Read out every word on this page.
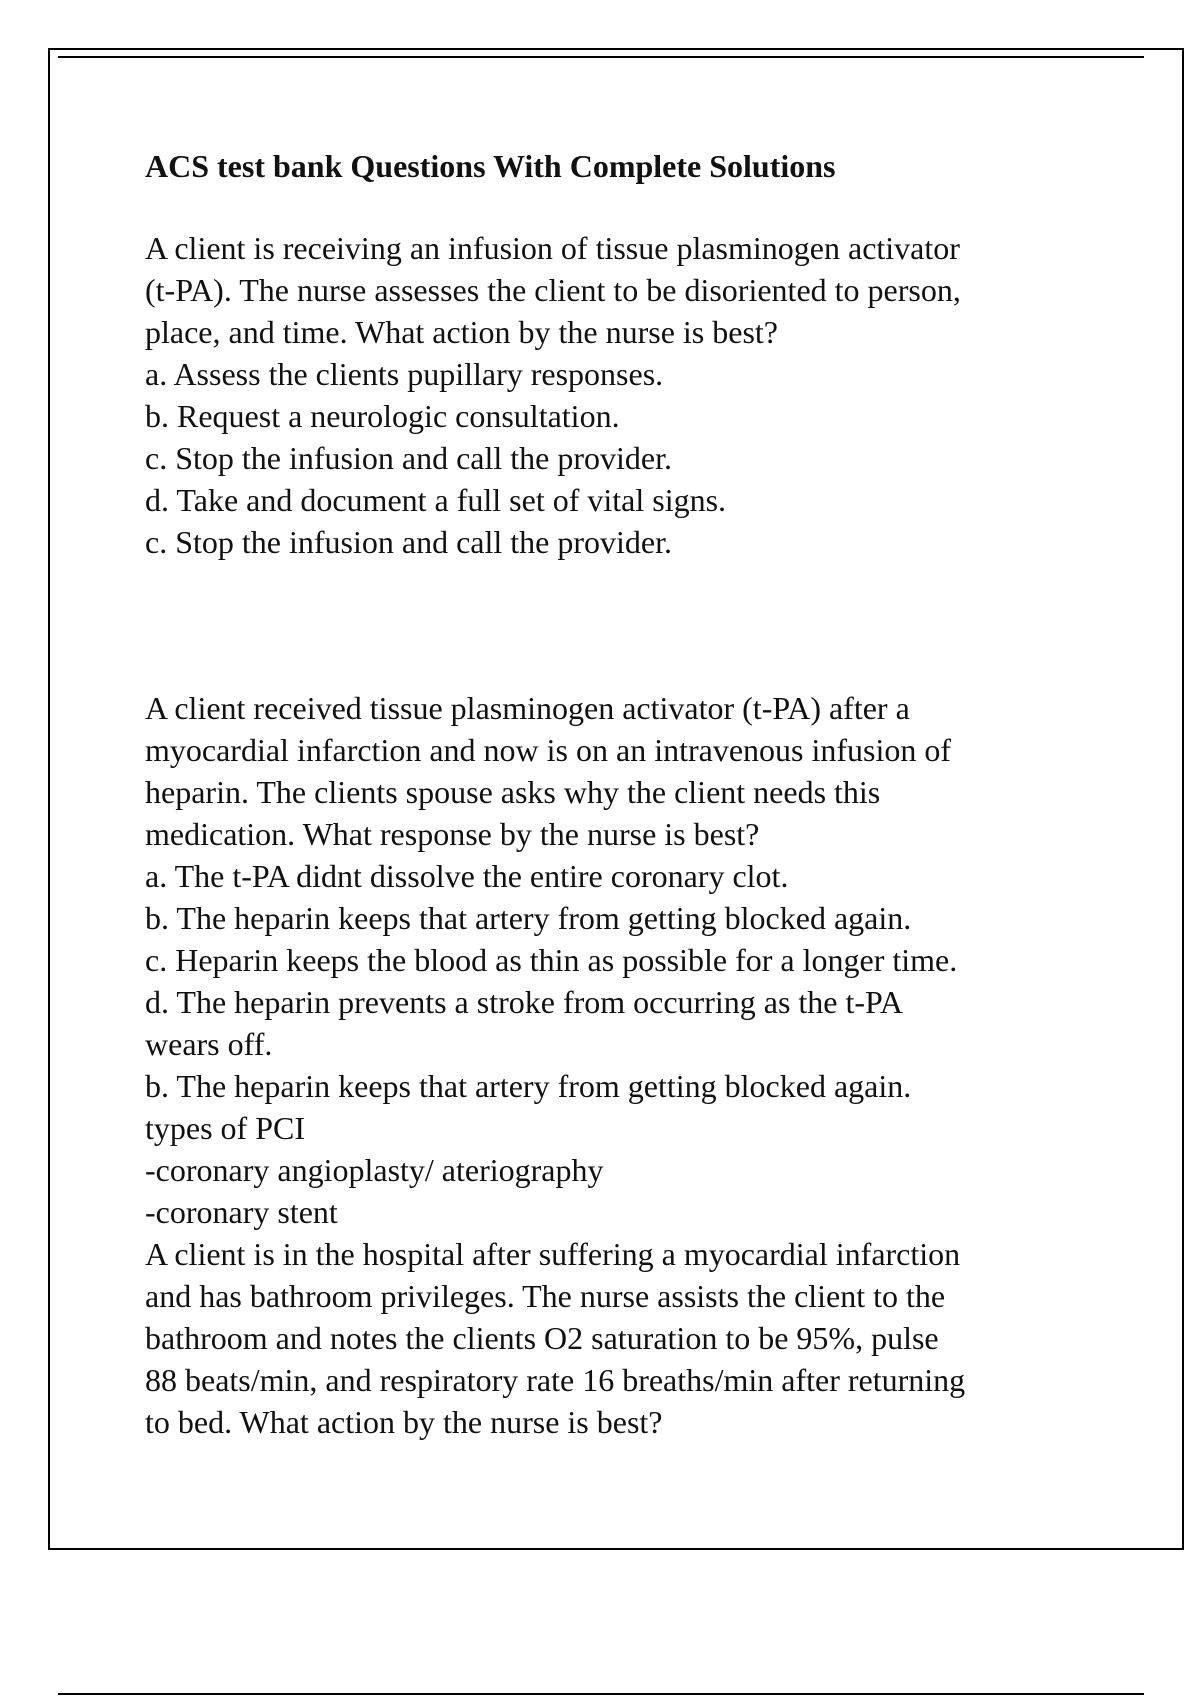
ACS test bank Questions With Complete Solutions
A client is receiving an infusion of tissue plasminogen activator
(t-PA). The nurse assesses the client to be disoriented to person,
place, and time. What action by the nurse is best?
a. Assess the clients pupillary responses.
b. Request a neurologic consultation.
c. Stop the infusion and call the provider.
d. Take and document a full set of vital signs.
c. Stop the infusion and call the provider.
A client received tissue plasminogen activator (t-PA) after a
myocardial infarction and now is on an intravenous infusion of
heparin. The clients spouse asks why the client needs this
medication. What response by the nurse is best?
a. The t-PA didnt dissolve the entire coronary clot.
b. The heparin keeps that artery from getting blocked again.
c. Heparin keeps the blood as thin as possible for a longer time.
d. The heparin prevents a stroke from occurring as the t-PA
wears off.
b. The heparin keeps that artery from getting blocked again.
types of PCI
-coronary angioplasty/ ateriography
-coronary stent
A client is in the hospital after suffering a myocardial infarction
and has bathroom privileges. The nurse assists the client to the
bathroom and notes the clients O2 saturation to be 95%, pulse
88 beats/min, and respiratory rate 16 breaths/min after returning
to bed. What action by the nurse is best?
